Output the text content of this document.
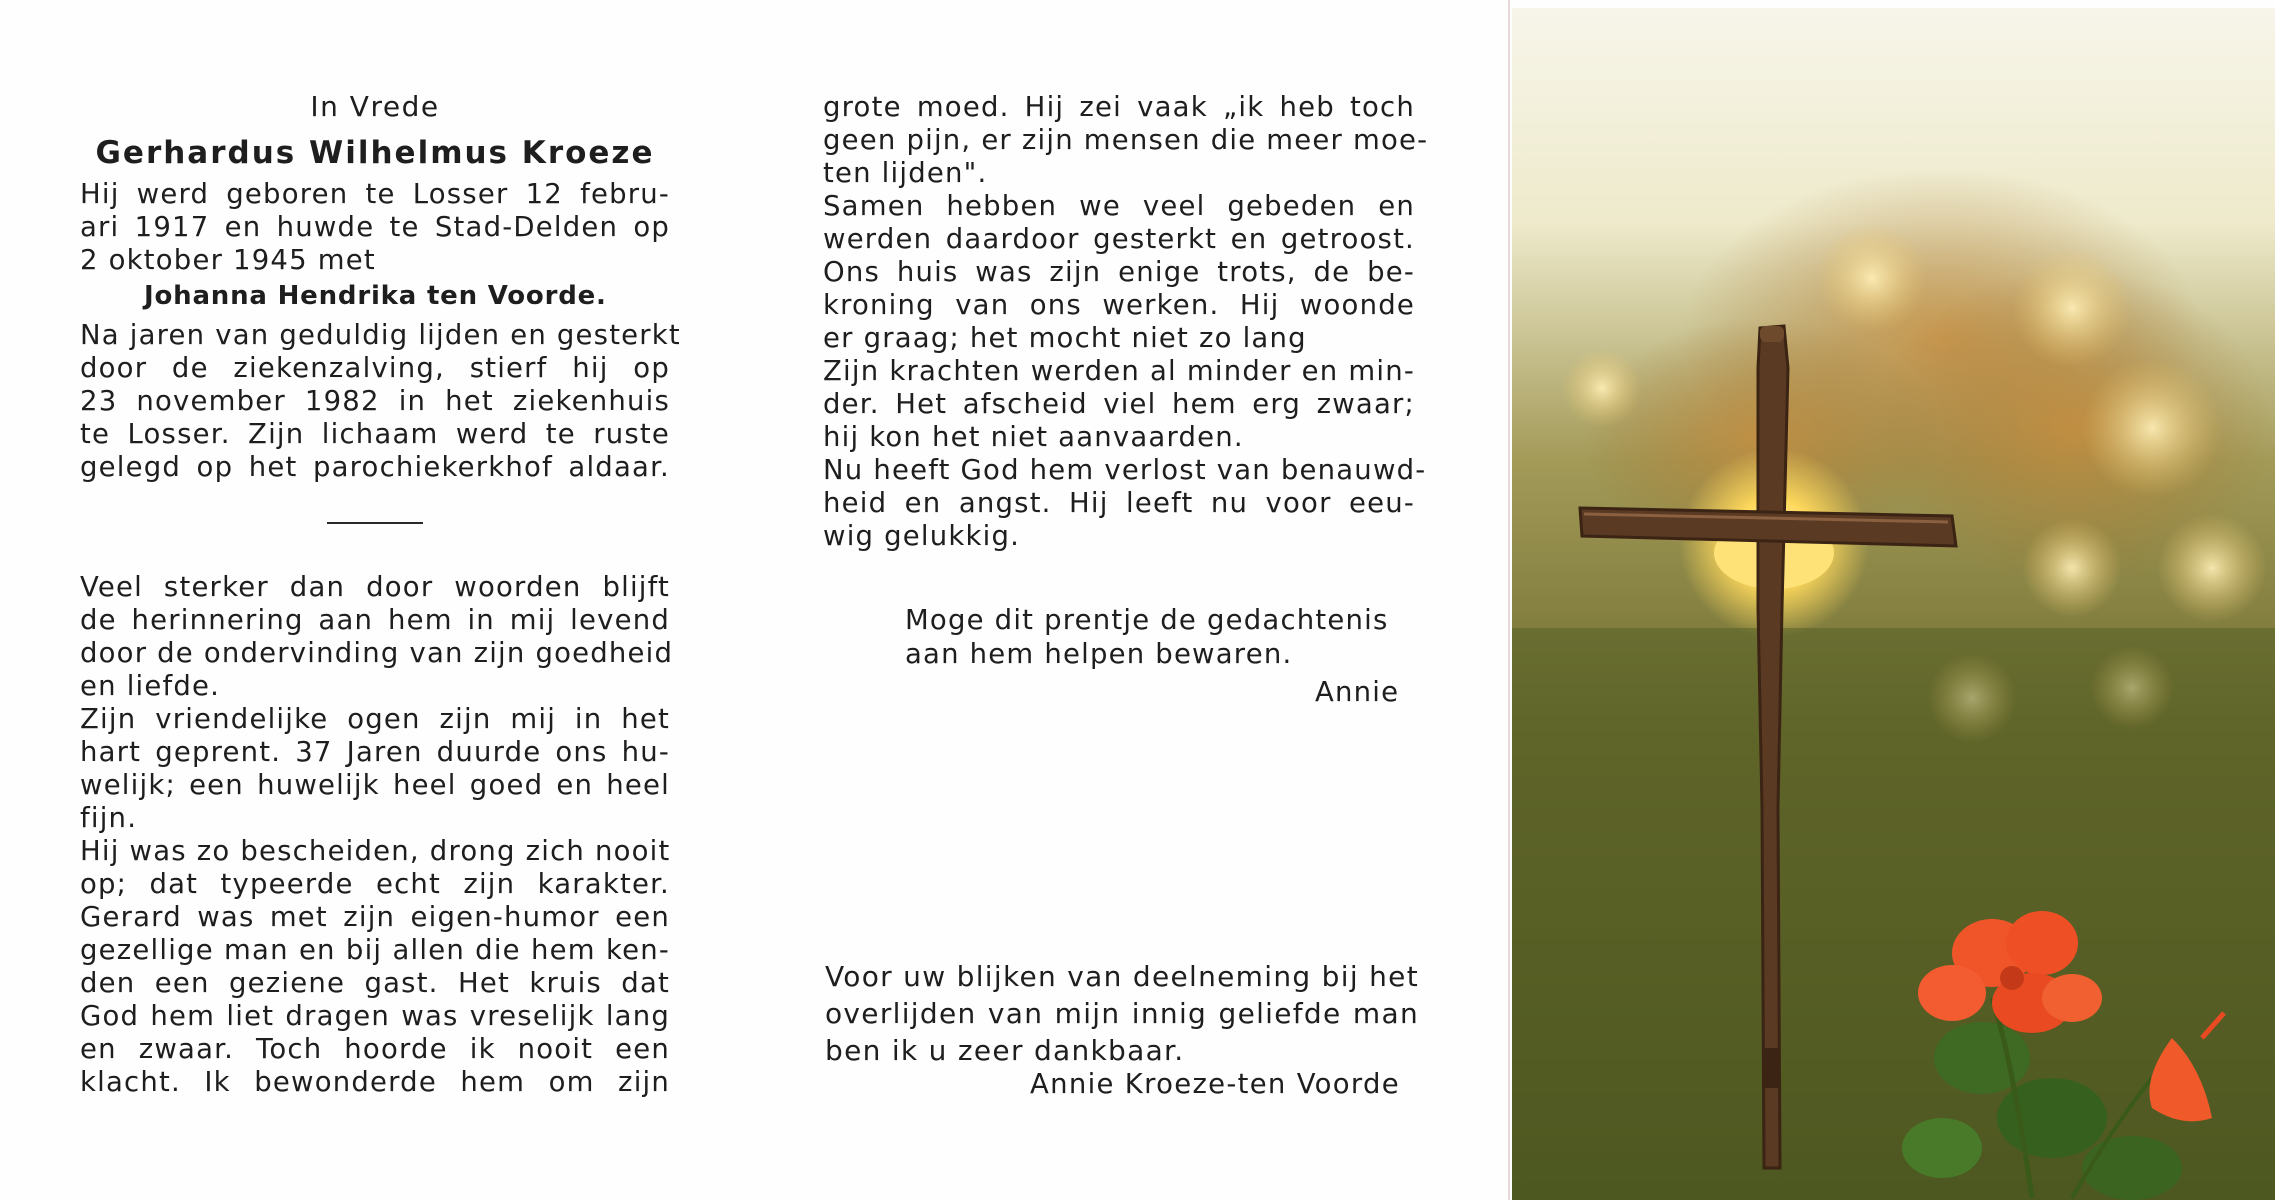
In Vrede
Gerhardus Wilhelmus Kroeze
Hij werd geboren te Losser 12 febru-
ari 1917 en huwde te Stad-Delden op
2 oktober 1945 met
Johanna Hendrika ten Voorde.
Na jaren van geduldig lijden en gesterkt
door de ziekenzalving, stierf hij op
23 november 1982 in het ziekenhuis
te Losser. Zijn lichaam werd te ruste
gelegd op het parochiekerkhof aldaar.
Veel sterker dan door woorden blijft
de herinnering aan hem in mij levend
door de ondervinding van zijn goedheid
en liefde.
Zijn vriendelijke ogen zijn mij in het
hart geprent. 37 Jaren duurde ons hu-
welijk; een huwelijk heel goed en heel
fijn.
Hij was zo bescheiden, drong zich nooit
op; dat typeerde echt zijn karakter.
Gerard was met zijn eigen-humor een
gezellige man en bij allen die hem ken-
den een geziene gast. Het kruis dat
God hem liet dragen was vreselijk lang
en zwaar. Toch hoorde ik nooit een
klacht. Ik bewonderde hem om zijn
grote moed. Hij zei vaak „ik heb toch
geen pijn, er zijn mensen die meer moe-
ten lijden".
Samen hebben we veel gebeden en
werden daardoor gesterkt en getroost.
Ons huis was zijn enige trots, de be-
kroning van ons werken. Hij woonde
er graag; het mocht niet zo lang
Zijn krachten werden al minder en min-
der. Het afscheid viel hem erg zwaar;
hij kon het niet aanvaarden.
Nu heeft God hem verlost van benauwd-
heid en angst. Hij leeft nu voor eeu-
wig gelukkig.
Moge dit prentje de gedachtenis
aan hem helpen bewaren.
Annie
Voor uw blijken van deelneming bij het
overlijden van mijn innig geliefde man
ben ik u zeer dankbaar.
Annie Kroeze-ten Voorde
